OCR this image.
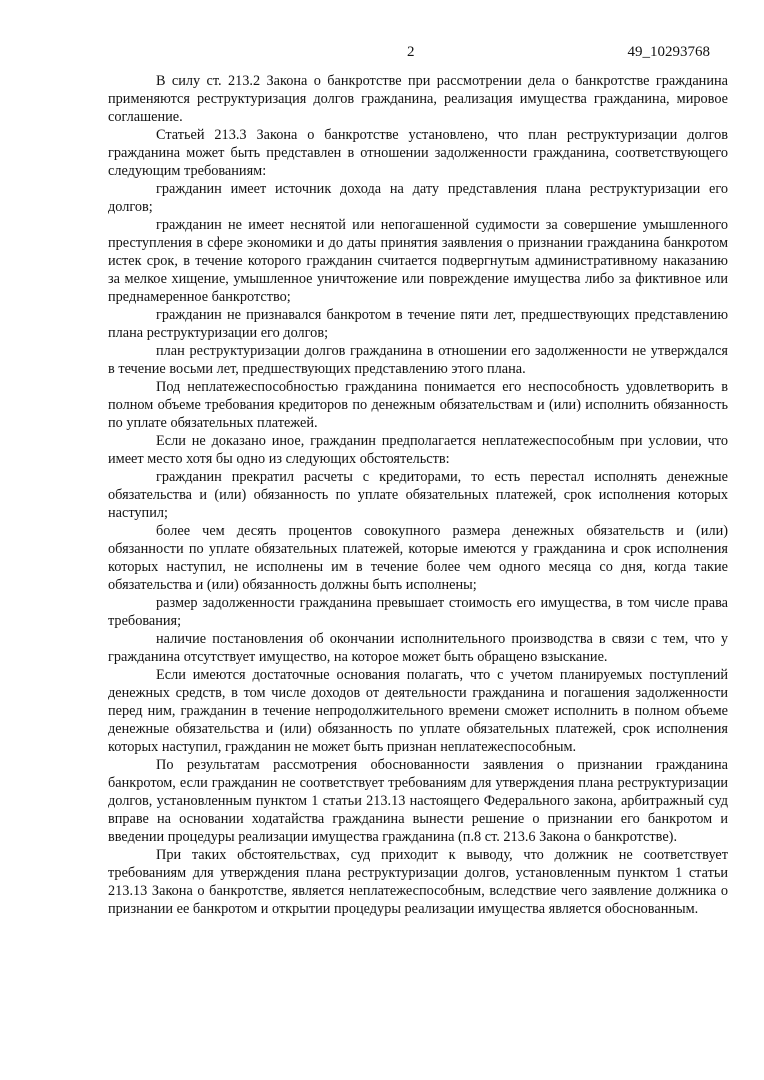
2	49_10293768

В силу ст. 213.2 Закона о банкротстве при рассмотрении дела о банкротстве гражданина применяются реструктуризация долгов гражданина, реализация имущества гражданина, мировое соглашение.

Статьей 213.3 Закона о банкротстве установлено, что план реструктуризации долгов гражданина может быть представлен в отношении задолженности гражданина, соответствующего следующим требованиям:

гражданин имеет источник дохода на дату представления плана реструктуризации его долгов;

гражданин не имеет неснятой или непогашенной судимости за совершение умышленного преступления в сфере экономики и до даты принятия заявления о признании гражданина банкротом истек срок, в течение которого гражданин считается подвергнутым административному наказанию за мелкое хищение, умышленное уничтожение или повреждение имущества либо за фиктивное или преднамеренное банкротство;

гражданин не признавался банкротом в течение пяти лет, предшествующих представлению плана реструктуризации его долгов;

план реструктуризации долгов гражданина в отношении его задолженности не утверждался в течение восьми лет, предшествующих представлению этого плана.

Под неплатежеспособностью гражданина понимается его неспособность удовлетворить в полном объеме требования кредиторов по денежным обязательствам и (или) исполнить обязанность по уплате обязательных платежей.

Если не доказано иное, гражданин предполагается неплатежеспособным при условии, что имеет место хотя бы одно из следующих обстоятельств:

гражданин прекратил расчеты с кредиторами, то есть перестал исполнять денежные обязательства и (или) обязанность по уплате обязательных платежей, срок исполнения которых наступил;

более чем десять процентов совокупного размера денежных обязательств и (или) обязанности по уплате обязательных платежей, которые имеются у гражданина и срок исполнения которых наступил, не исполнены им в течение более чем одного месяца со дня, когда такие обязательства и (или) обязанность должны быть исполнены;

размер задолженности гражданина превышает стоимость его имущества, в том числе права требования;

наличие постановления об окончании исполнительного производства в связи с тем, что у гражданина отсутствует имущество, на которое может быть обращено взыскание.

Если имеются достаточные основания полагать, что с учетом планируемых поступлений денежных средств, в том числе доходов от деятельности гражданина и погашения задолженности перед ним, гражданин в течение непродолжительного времени сможет исполнить в полном объеме денежные обязательства и (или) обязанность по уплате обязательных платежей, срок исполнения которых наступил, гражданин не может быть признан неплатежеспособным.

По результатам рассмотрения обоснованности заявления о признании гражданина банкротом, если гражданин не соответствует требованиям для утверждения плана реструктуризации долгов, установленным пунктом 1 статьи 213.13 настоящего Федерального закона, арбитражный суд вправе на основании ходатайства гражданина вынести решение о признании его банкротом и введении процедуры реализации имущества гражданина (п.8 ст. 213.6 Закона о банкротстве).

При таких обстоятельствах, суд приходит к выводу, что должник не соответствует требованиям для утверждения плана реструктуризации долгов, установленным пунктом 1 статьи 213.13 Закона о банкротстве, является неплатежеспособным, вследствие чего заявление должника о признании ее банкротом и открытии процедуры реализации имущества является обоснованным.
